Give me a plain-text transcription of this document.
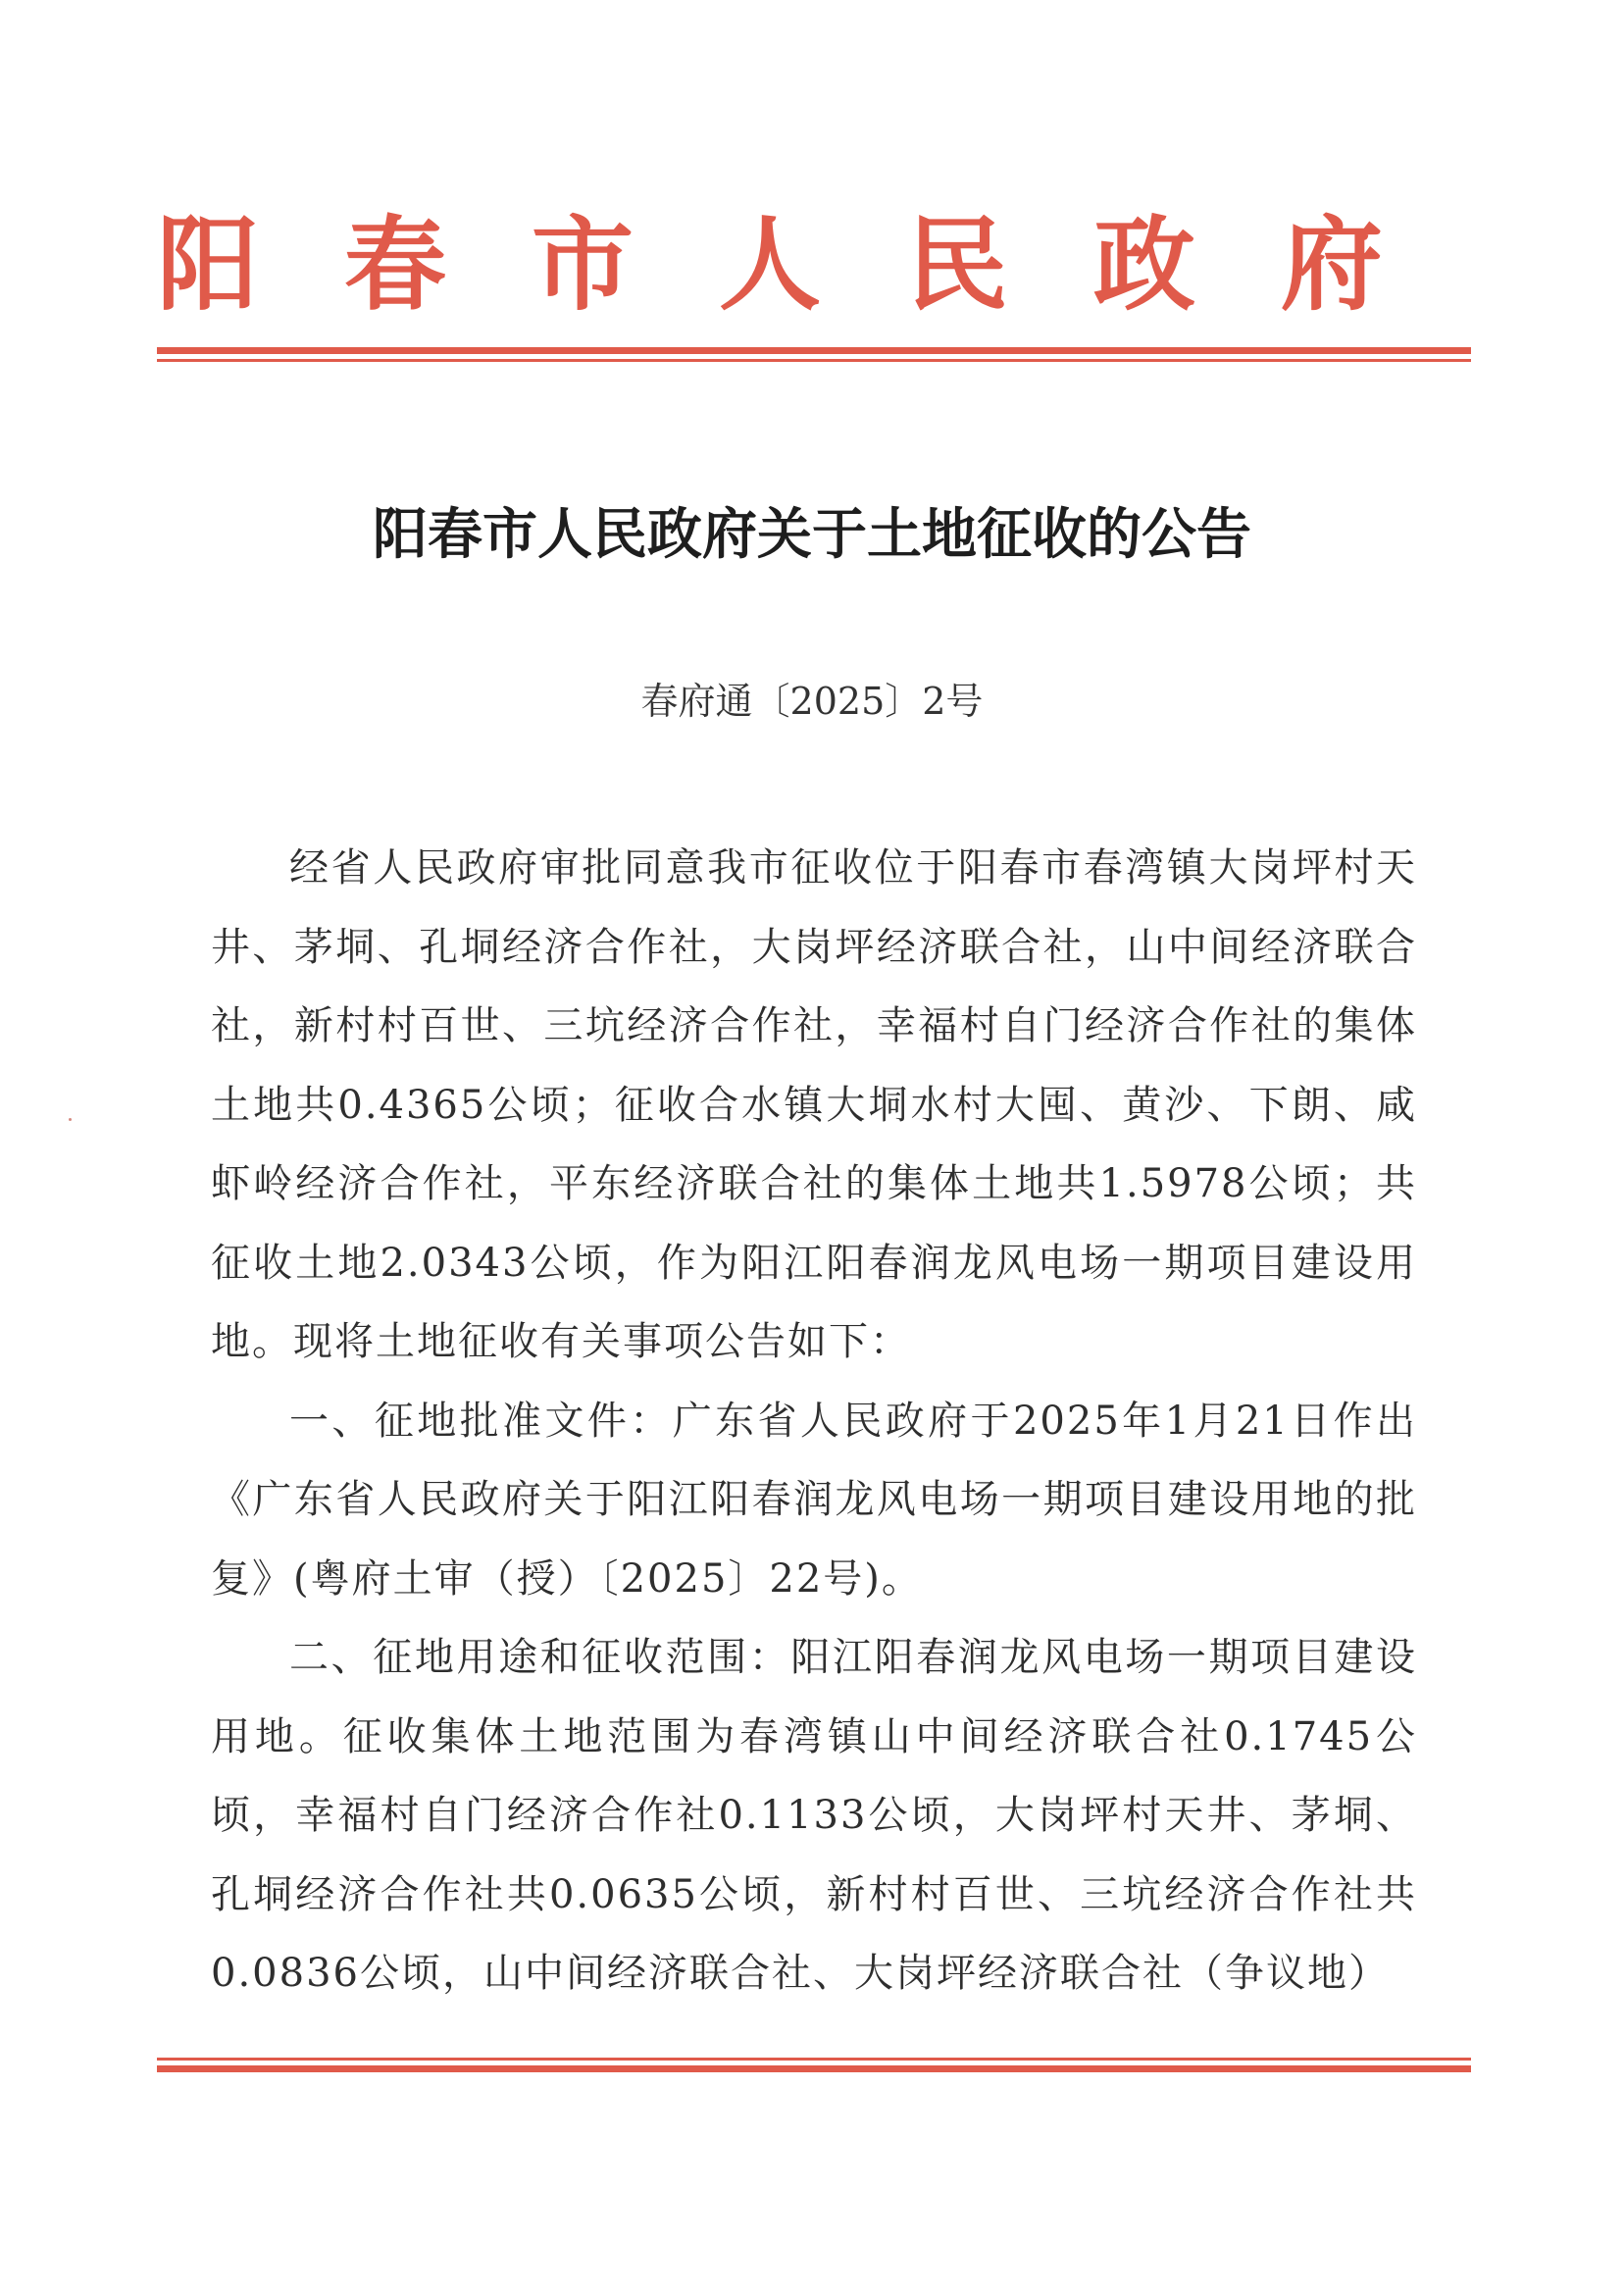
阳 春 市 人 民 政 府
阳春市人民政府关于土地征收的公告
春府通〔2025〕2号

经省人民政府审批同意我市征收位于阳春市春湾镇大岗坪村天井、茅垌、孔垌经济合作社，大岗坪经济联合社，山中间经济联合社，新村村百世、三坑经济合作社，幸福村自门经济合作社的集体土地共0.4365公顷；征收合水镇大垌水村大囤、黄沙、下朗、咸虾岭经济合作社，平东经济联合社的集体土地共1.5978公顷；共征收土地2.0343公顷，作为阳江阳春润龙风电场一期项目建设用地。现将土地征收有关事项公告如下：

一、征地批准文件：广东省人民政府于2025年1月21日作出《广东省人民政府关于阳江阳春润龙风电场一期项目建设用地的批复》(粤府土审（授）〔2025〕22号)。

二、征地用途和征收范围：阳江阳春润龙风电场一期项目建设用地。征收集体土地范围为春湾镇山中间经济联合社0.1745公顷，幸福村自门经济合作社0.1133公顷，大岗坪村天井、茅垌、孔垌经济合作社共0.0635公顷，新村村百世、三坑经济合作社共0.0836公顷，山中间经济联合社、大岗坪经济联合社（争议地）
